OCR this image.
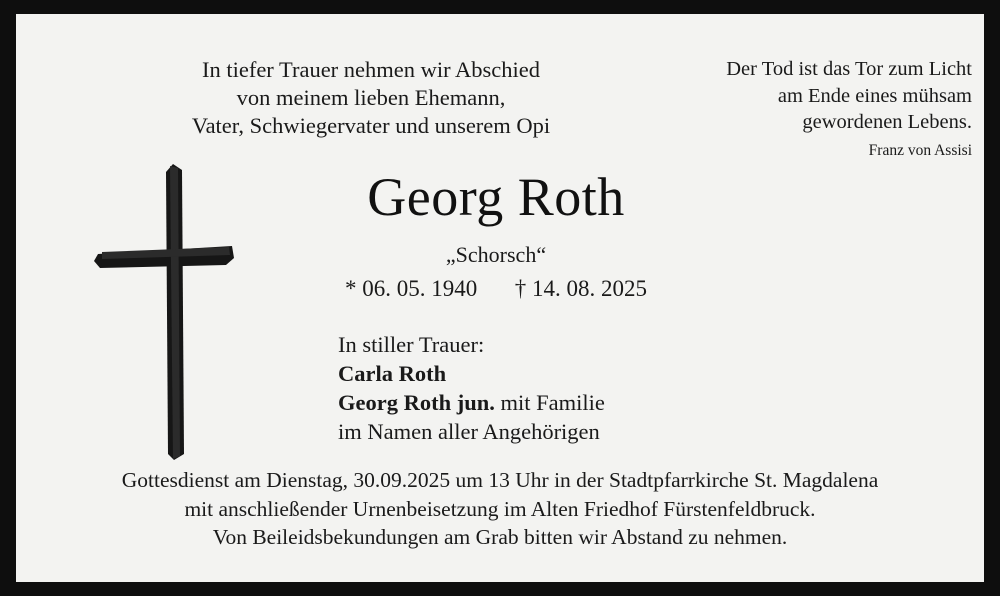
In tiefer Trauer nehmen wir Abschied
von meinem lieben Ehemann,
Vater, Schwiegervater und unserem Opi
Der Tod ist das Tor zum Licht
am Ende eines mühsam
gewordenen Lebens.
Franz von Assisi
Georg Roth
„Schorsch“
* 06. 05. 1940 † 14. 08. 2025
In stiller Trauer:
Carla Roth
Georg Roth jun. mit Familie
im Namen aller Angehörigen
Gottesdienst am Dienstag, 30.09.2025 um 13 Uhr in der Stadtpfarrkirche St. Magdalena
mit anschließender Urnenbeisetzung im Alten Friedhof Fürstenfeldbruck.
Von Beileidsbekundungen am Grab bitten wir Abstand zu nehmen.
